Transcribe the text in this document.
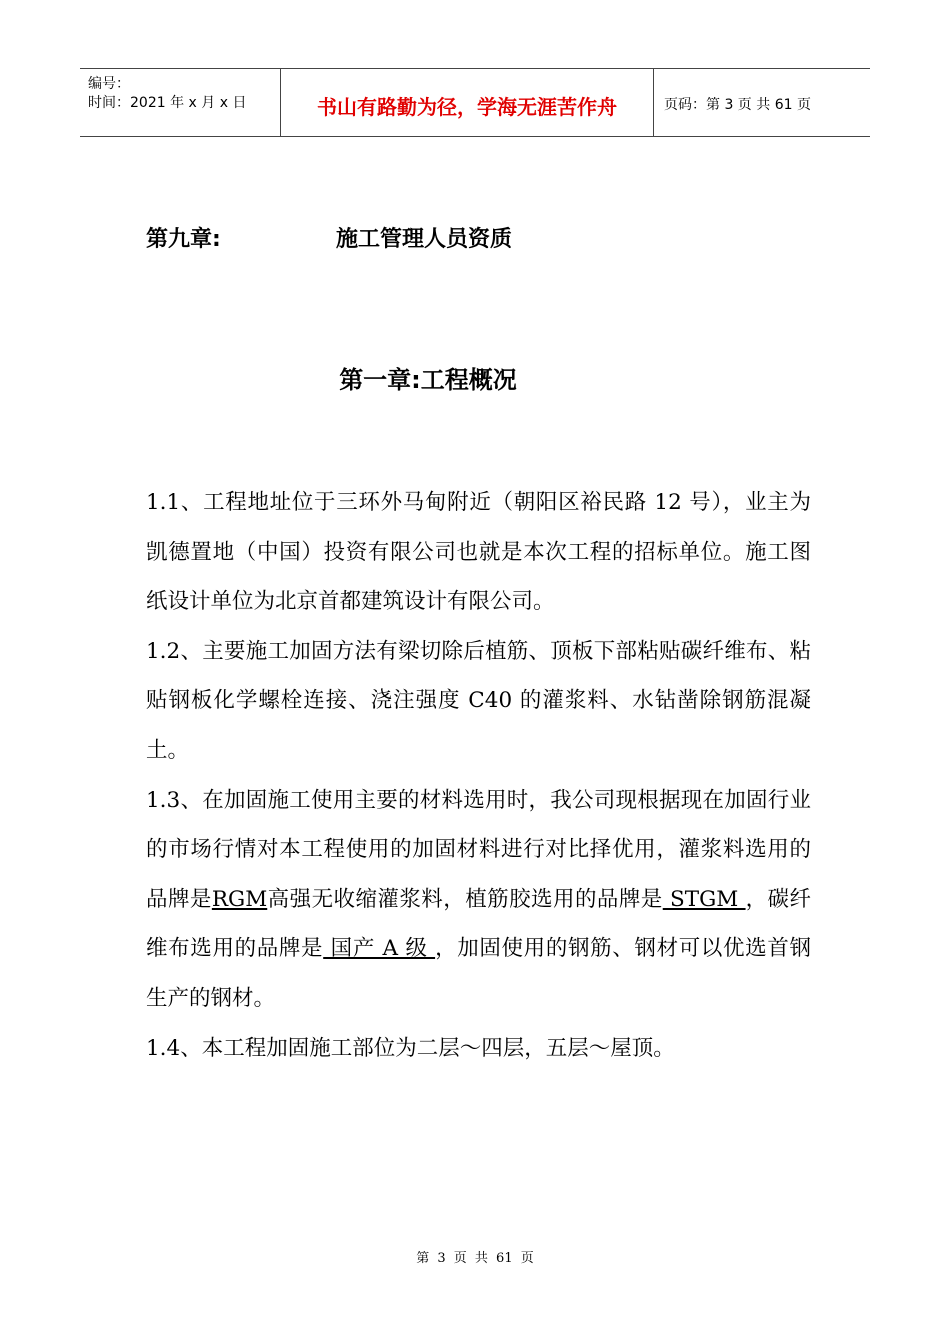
编号：
时间：2021 年 x 月 x 日	书山有路勤为径，学海无涯苦作舟	页码：第 3 页 共 61 页
第九章:	施工管理人员资质
第一章:工程概况

1.1、工程地址位于三环外马甸附近（朝阳区裕民路 12 号），业主为凯德置地（中国）投资有限公司也就是本次工程的招标单位。施工图纸设计单位为北京首都建筑设计有限公司。

1.2、主要施工加固方法有梁切除后植筋、顶板下部粘贴碳纤维布、粘贴钢板化学螺栓连接、浇注强度 C40 的灌浆料、水钻凿除钢筋混凝土。

1.3、在加固施工使用主要的材料选用时，我公司现根据现在加固行业的市场行情对本工程使用的加固材料进行对比择优用，灌浆料选用的品牌是RGM高强无收缩灌浆料，植筋胶选用的品牌是 STGM ，碳纤维布选用的品牌是 国产 A 级 ，加固使用的钢筋、钢材可以优选首钢生产的钢材。

1.4、本工程加固施工部位为二层～四层，五层～屋顶。

第 3 页 共 61 页
